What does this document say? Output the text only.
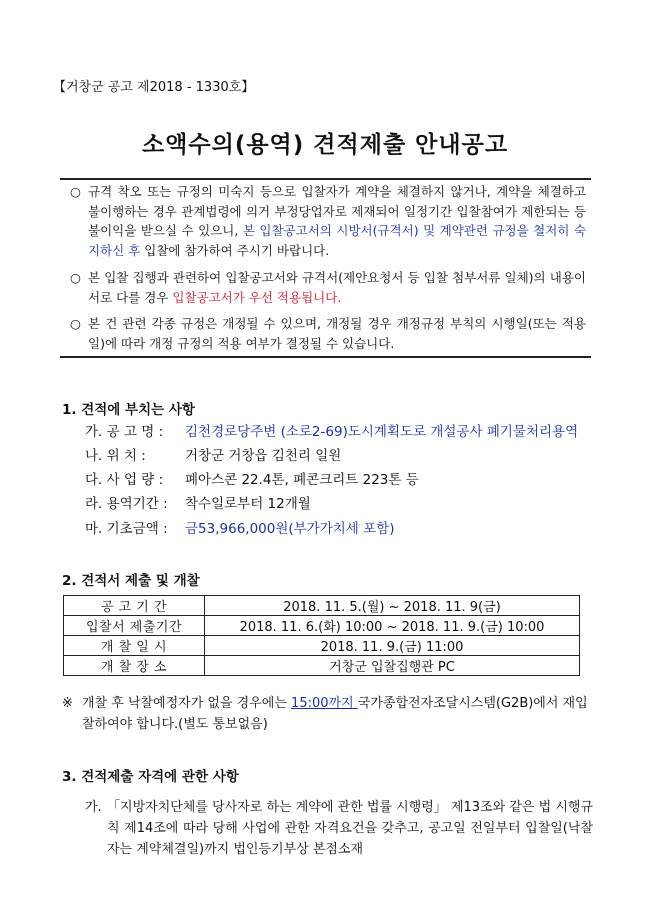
【거창군 공고 제2018 - 1330호】
소액수의(용역) 견적제출 안내공고
○ 규격 착오 또는 규정의 미숙지 등으로 입찰자가 계약을 체결하지 않거나, 계약을 체결하고 불이행하는 경우 관계법령에 의거 부정당업자로 제재되어 일정기간 입찰참여가 제한되는 등 불이익을 받으실 수 있으니, 본 입찰공고서의 시방서(규격서) 및 계약관련 규정을 철저히 숙지하신 후 입찰에 참가하여 주시기 바랍니다.
○ 본 입찰 집행과 관련하여 입찰공고서와 규격서(제안요청서 등 입찰 첨부서류 일체)의 내용이 서로 다를 경우 입찰공고서가 우선 적용됩니다.
○ 본 건 관련 각종 규정은 개정될 수 있으며, 개정될 경우 개정규정 부칙의 시행일(또는 적용일)에 따라 개정 규정의 적용 여부가 결정될 수 있습니다.
1. 견적에 부치는 사항
가. 공 고 명 : 김천경로당주변 (소로2-69)도시계획도로 개설공사 폐기물처리용역
나. 위 치 :	거창군 거창읍 김천리 일원
다. 사 업 량 : 폐아스콘 22.4톤, 폐콘크리트 223톤 등
라. 용역기간 : 착수일로부터 12개월
마. 기초금액 : 금53,966,000원(부가가치세 포함)
2. 견적서 제출 및 개찰
공 고 기 간	2018. 11. 5.(월) ~ 2018. 11. 9(금)
입찰서 제출기간	2018. 11. 6.(화) 10:00 ~ 2018. 11. 9.(금) 10:00
개 찰 일 시	2018. 11. 9.(금) 11:00
개 찰 장 소	거창군 입찰집행관 PC
※ 개찰 후 낙찰예정자가 없을 경우에는 15:00까지 국가종합전자조달시스템(G2B)에서 재입찰하여야 합니다.(별도 통보없음)
3. 견적제출 자격에 관한 사항
가. 「지방자치단체를 당사자로 하는 계약에 관한 법률 시행령」 제13조와 같은 법 시행규칙 제14조에 따라 당해 사업에 관한 자격요건을 갖추고, 공고일 전일부터 입찰일(낙찰자는 계약체결일)까지 법인등기부상 본점소재
